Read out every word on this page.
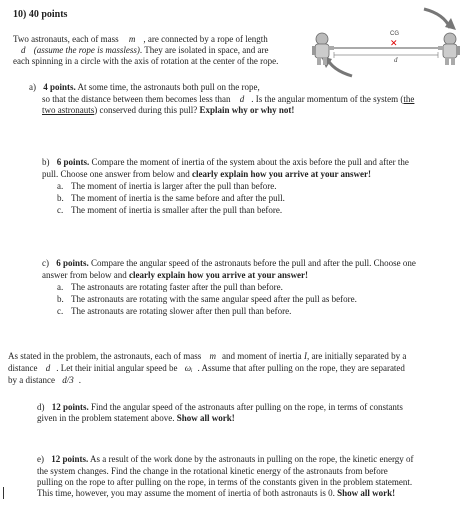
10) 40 points
Two astronauts, each of mass m , are connected by a rope of length
d (assume the rope is massless). They are isolated in space, and are
each spinning in a circle with the axis of rotation at the center of the rope.
CG
✕
d
a) 4 points. At some time, the astronauts both pull on the rope,
so that the distance between them becomes less than d . Is the angular momentum of the system (the
two astronauts) conserved during this pull? Explain why or why not!
b) 6 points. Compare the moment of inertia of the system about the axis before the pull and after the
pull. Choose one answer from below and clearly explain how you arrive at your answer!
a. The moment of inertia is larger after the pull than before.
b. The moment of inertia is the same before and after the pull.
c. The moment of inertia is smaller after the pull than before.
c) 6 points. Compare the angular speed of the astronauts before the pull and after the pull. Choose one
answer from below and clearly explain how you arrive at your answer!
a. The astronauts are rotating faster after the pull than before.
b. The astronauts are rotating with the same angular speed after the pull as before.
c. The astronauts are rotating slower after then pull than before.
As stated in the problem, the astronauts, each of mass m and moment of inertia I, are initially separated by a
distance d . Let their initial angular speed be ωᵢ . Assume that after pulling on the rope, they are separated
by a distance d/3 .
d) 12 points. Find the angular speed of the astronauts after pulling on the rope, in terms of constants
given in the problem statement above. Show all work!
e) 12 points. As a result of the work done by the astronauts in pulling on the rope, the kinetic energy of
the system changes. Find the change in the rotational kinetic energy of the astronauts from before
pulling on the rope to after pulling on the rope, in terms of the constants given in the problem statement.
This time, however, you may assume the moment of inertia of both astronauts is 0. Show all work!
